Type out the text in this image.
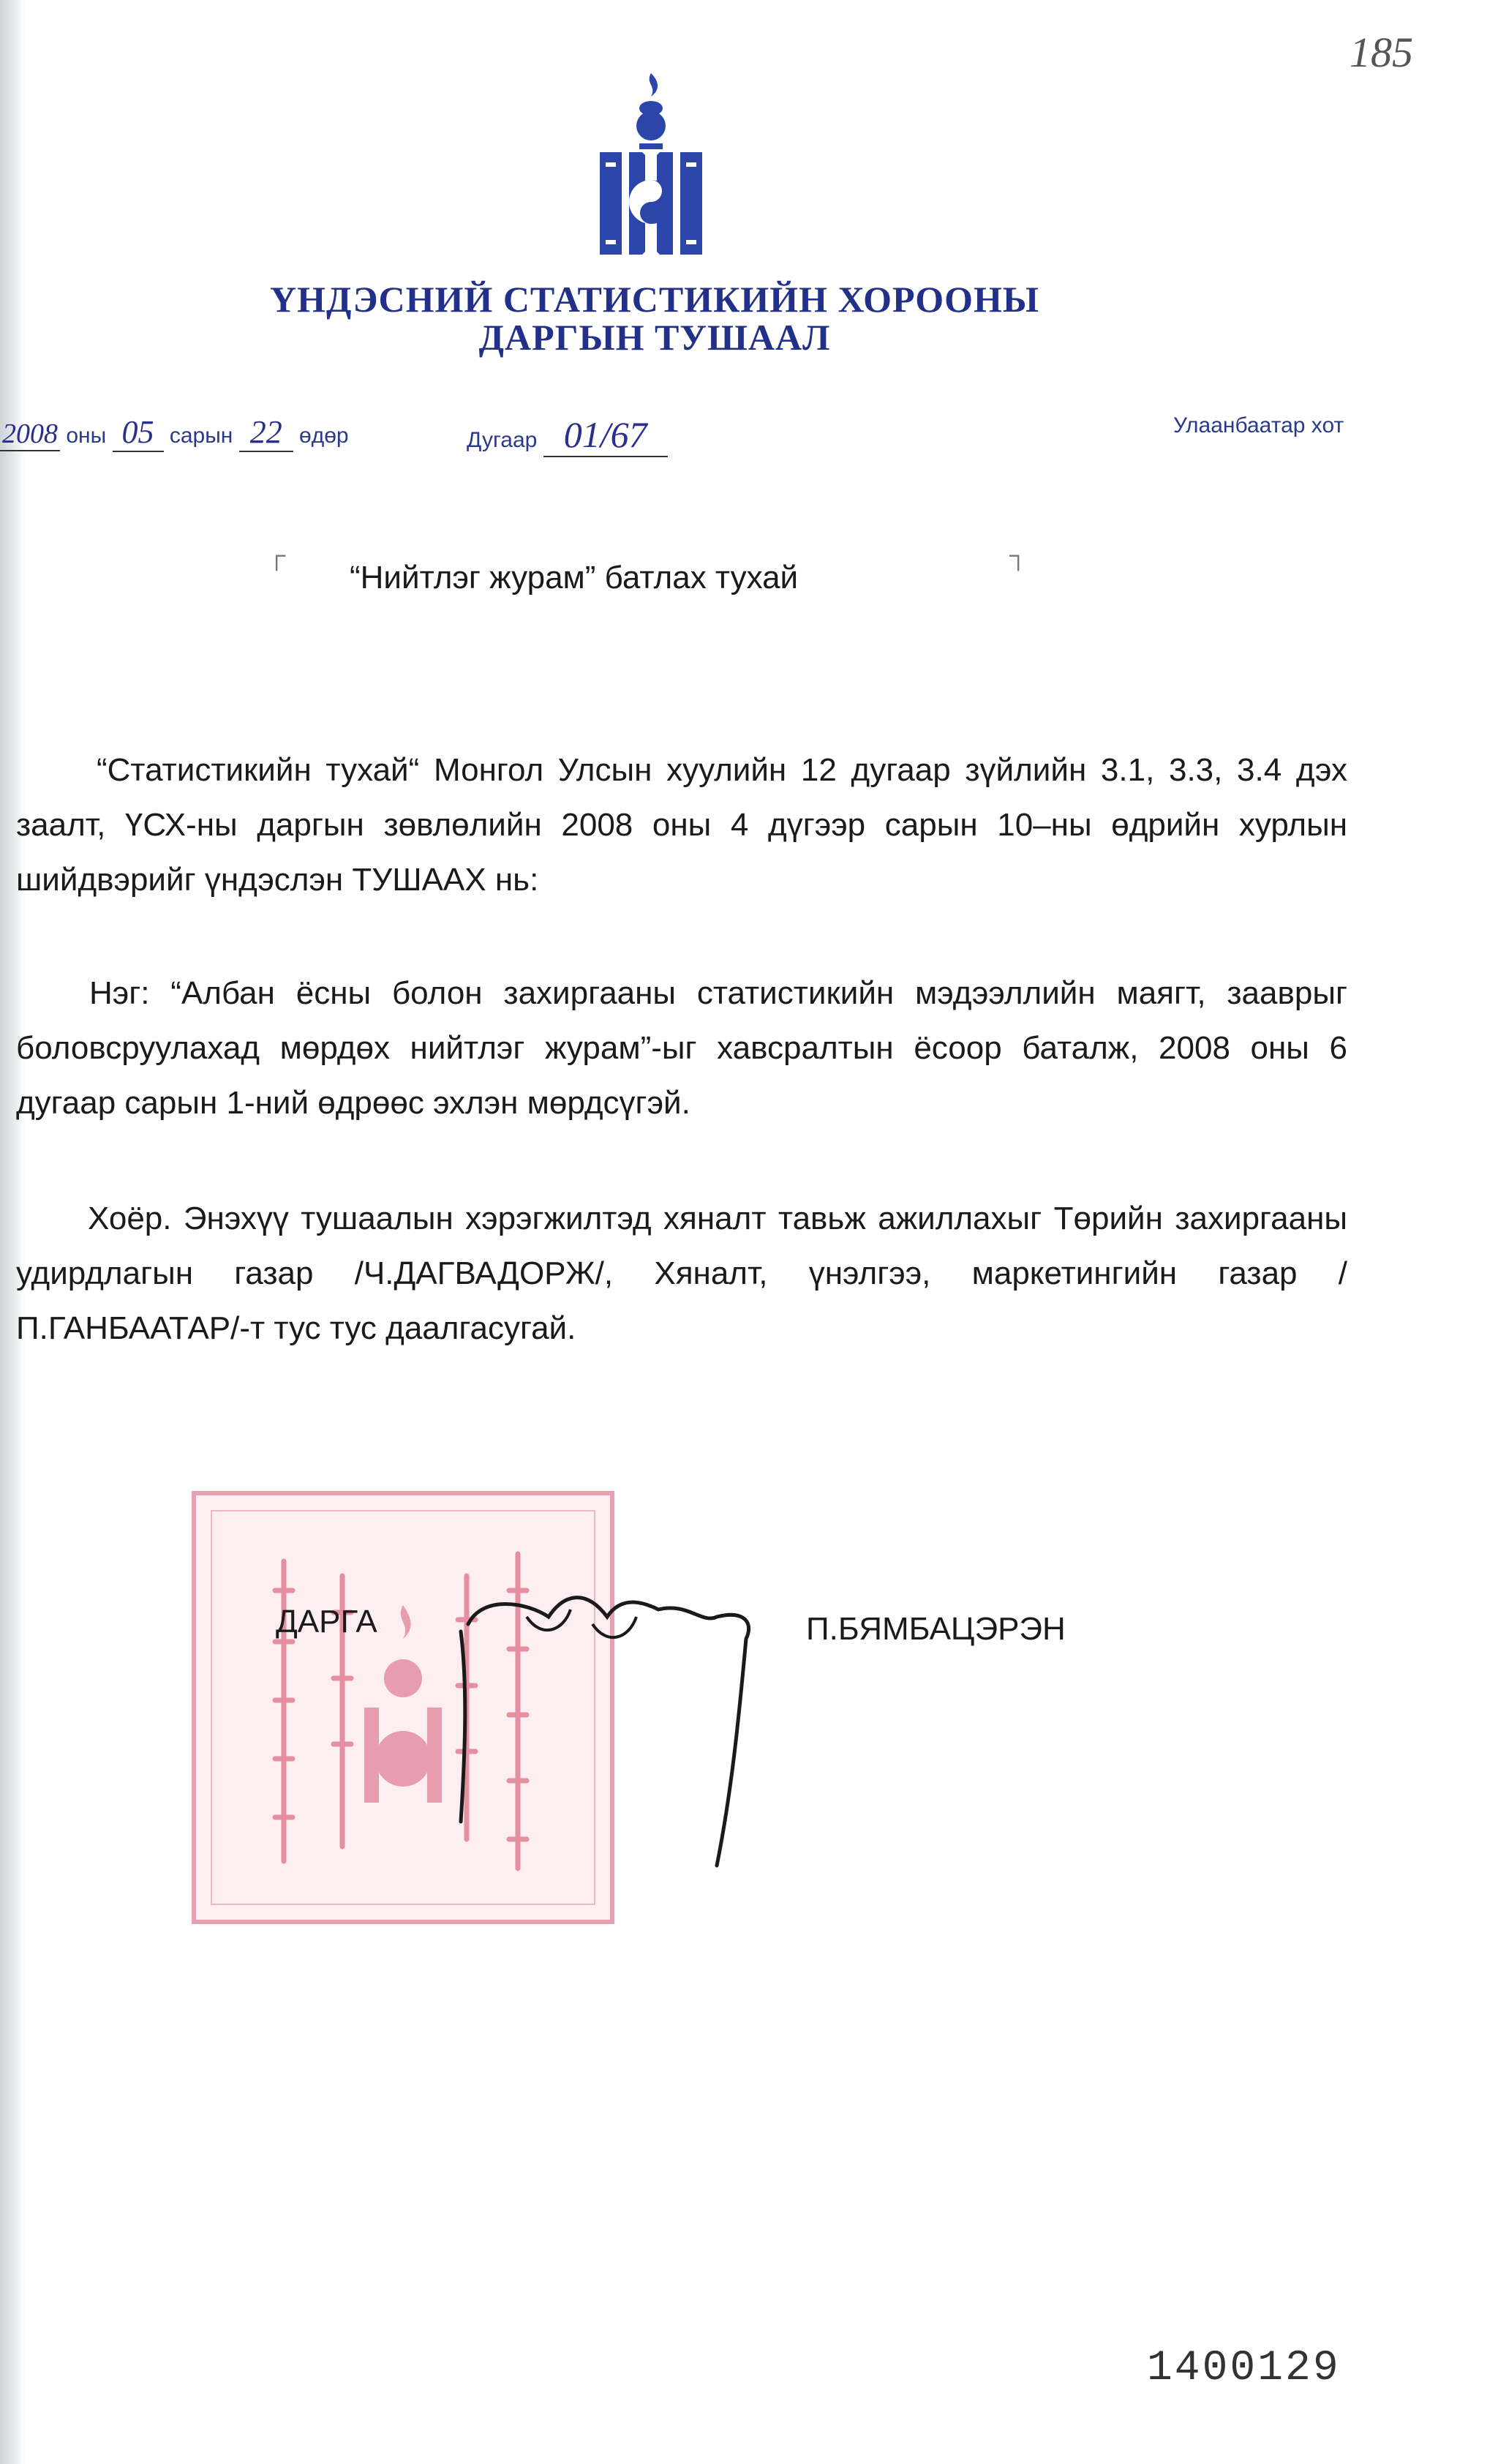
185
ҮНДЭСНИЙ СТАТИСТИКИЙН ХОРООНЫ
ДАРГЫН ТУШААЛ
2008 оны 05 сарын 22 өдөр	Дугаар 01/67	Улаанбаатар хот
┌	┐
“Нийтлэг журам” батлах тухай
“Статистикийн тухай“ Монгол Улсын хуулийн 12 дугаар зүйлийн 3.1, 3.3, 3.4 дэх заалт, ҮСХ-ны даргын зөвлөлийн 2008 оны 4 дүгээр сарын 10–ны өдрийн хурлын шийдвэрийг үндэслэн ТУШААХ нь:
Нэг: “Албан ёсны болон захиргааны статистикийн мэдээллийн маягт, зааврыг боловсруулахад мөрдөх нийтлэг журам”-ыг хавсралтын ёсоор баталж, 2008 оны 6 дугаар сарын 1-ний өдрөөс эхлэн мөрдсүгэй.
Хоёр. Энэхүү тушаалын хэрэгжилтэд хяналт тавьж ажиллахыг Төрийн захиргааны удирдлагын газар /Ч.ДАГВАДОРЖ/, Хяналт, үнэлгээ, маркетингийн газар /П.ГАНБААТАР/-т тус тус даалгасугай.
ДАРГА	П.БЯМБАЦЭРЭН
1400129
